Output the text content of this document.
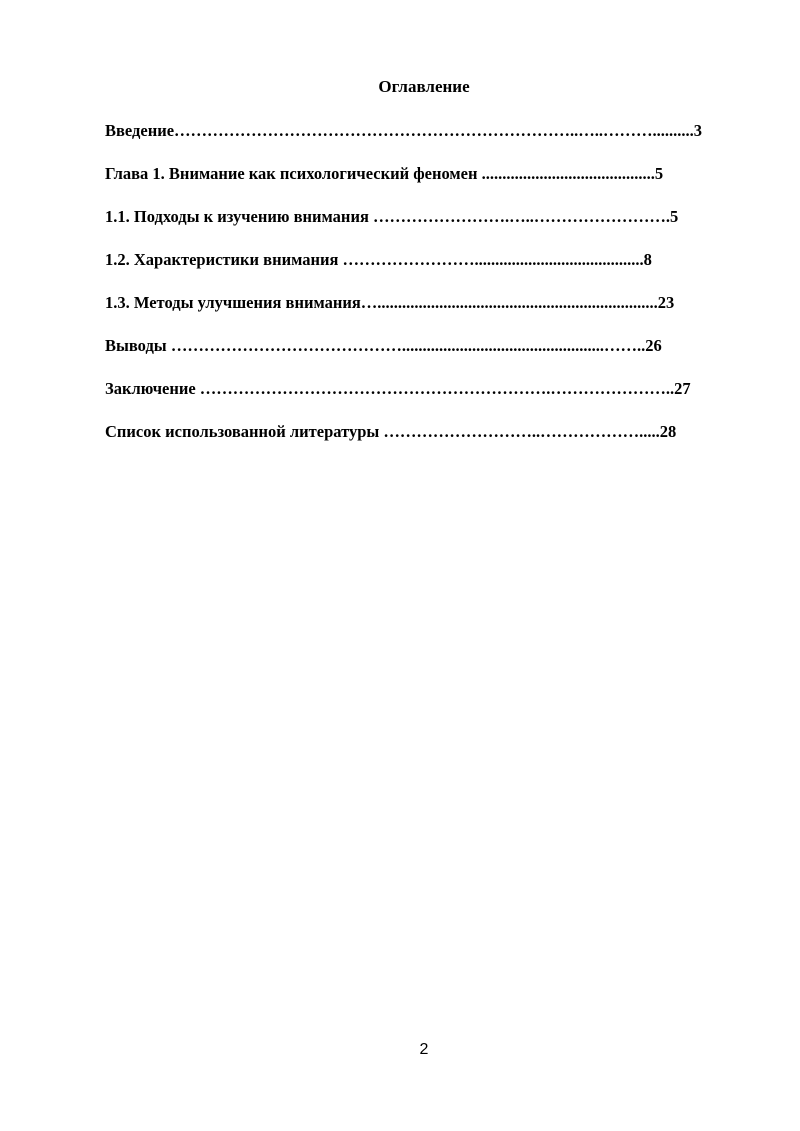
Оглавление
Введение………………………………………………………………..…..………..........3
Глава 1. Внимание как психологический феномен ..........................................5
1.1. Подходы к изучению внимания …………………….…..…………………….5
1.2. Характеристики внимания …………………….........................................8
1.3. Методы улучшения внимания…....................................................................23
Выводы …………………………………….................................................……..26
Заключение ……………………………………………………….…………………..27
Список использованной литературы ………………………..……………….....28
2
